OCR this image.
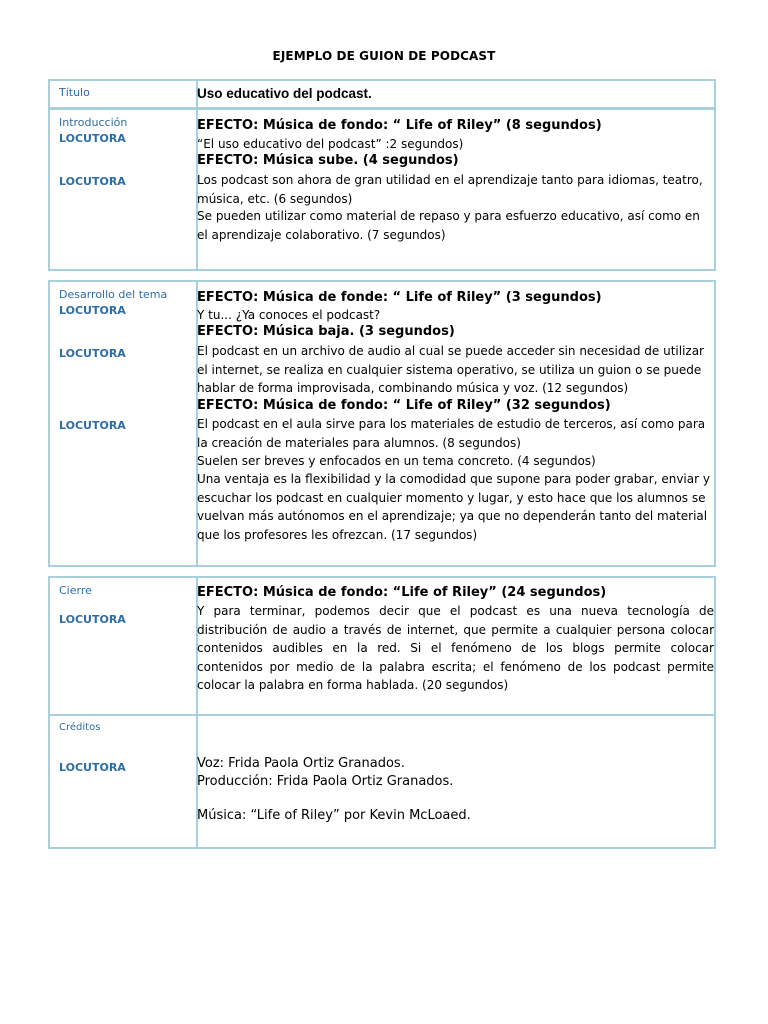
EJEMPLO DE GUION DE PODCAST
Título	Uso educativo del podcast.
Introducción
LOCUTORA
LOCUTORA
EFECTO: Música de fondo: “ Life of Riley” (8 segundos)
“El uso educativo del podcast” :2 segundos)
EFECTO: Música sube. (4 segundos)
Los podcast son ahora de gran utilidad en el aprendizaje tanto para idiomas, teatro, música, etc. (6 segundos)
Se pueden utilizar como material de repaso y para esfuerzo educativo, así como en el aprendizaje colaborativo. (7 segundos)
Desarrollo del tema
LOCUTORA
LOCUTORA
LOCUTORA
EFECTO: Música de fonde: “ Life of Riley” (3 segundos)
Y tu... ¿Ya conoces el podcast?
EFECTO: Música baja. (3 segundos)
El podcast en un archivo de audio al cual se puede acceder sin necesidad de utilizar el internet, se realiza en cualquier sistema operativo, se utiliza un guion o se puede hablar de forma improvisada, combinando música y voz. (12 segundos)
EFECTO: Música de fondo: “ Life of Riley” (32 segundos)
El podcast en el aula sirve para los materiales de estudio de terceros, así como para la creación de materiales para alumnos. (8 segundos)
Suelen ser breves y enfocados en un tema concreto. (4 segundos)
Una ventaja es la flexibilidad y la comodidad que supone para poder grabar, enviar y escuchar los podcast en cualquier momento y lugar, y esto hace que los alumnos se vuelvan más autónomos en el aprendizaje; ya que no dependerán tanto del material que los profesores les ofrezcan. (17 segundos)
Cierre
LOCUTORA
EFECTO: Música de fondo: “Life of Riley” (24 segundos)
Y para terminar, podemos decir que el podcast es una nueva tecnología de distribución de audio a través de internet, que permite a cualquier persona colocar contenidos audibles en la red. Si el fenómeno de los blogs permite colocar contenidos por medio de la palabra escrita; el fenómeno de los podcast permite colocar la palabra en forma hablada. (20 segundos)
Créditos
LOCUTORA	Voz: Frida Paola Ortiz Granados.
Producción: Frida Paola Ortiz Granados.
Música: “Life of Riley” por Kevin McLoaed.
